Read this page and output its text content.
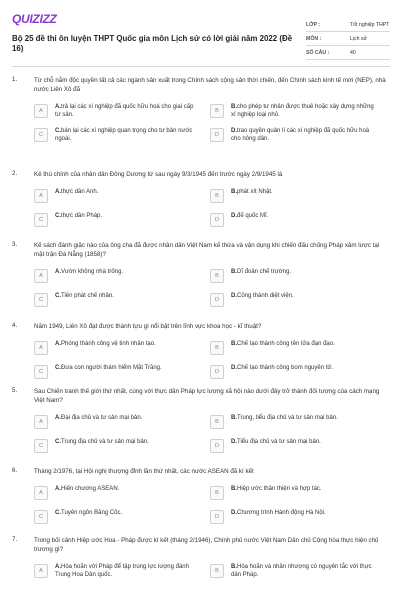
QUIZIZZ
Bộ 25 đề thi ôn luyện THPT Quốc gia môn Lịch sử có lời giải năm 2022 (Đề 16)
LỚP :	Tốt nghiệp THPT
MÔN :	Lịch sử
SỐ CÂU :	40
1.	Từ chỗ nắm độc quyền tất cả các ngành sản xuất trong Chính sách cộng sản thời chiến, đến Chính sách kinh tế mới (NEP), nhà nước Liên Xô đã
A
A.trả lại các xí nghiệp đã quốc hữu hoá cho giai cấp tư sản.
B
B.cho phép tư nhân được thuê hoặc xây dựng những xí nghiệp loại nhỏ.
C
C.bán lại các xí nghiệp quan trọng cho tư bản nước ngoài.
D
D.trao quyền quản lí các xí nghiệp đã quốc hữu hoá cho nông dân.
2.	Kẻ thù chính của nhân dân Đông Dương từ sau ngày 9/3/1945 đến trước ngày 2/9/1945 là
A
A.thực dân Anh.
B
B.phát xít Nhật.
C
C.thực dân Pháp.
D
D.đế quốc Mĩ.
3.	Kế sách đánh giặc nào của ông cha đã được nhân dân Việt Nam kế thừa và vận dụng khi chiến đấu chống Pháp xâm lược tại mặt trận Đà Nẵng (1858)?
A
A.Vườn không nhà trống.
B
B.Dĩ đoản chế trường.
C
C.Tiên phát chế nhân.
D
D.Công thành diệt viện.
4.	Năm 1949, Liên Xô đạt được thành tựu gì nổi bật trên lĩnh vực khoa học - kĩ thuật?
A
A.Phóng thành công vệ tinh nhân tạo.
B
B.Chế tạo thành công tên lửa đạn đạo.
C
C.Đưa con người thám hiểm Mặt Trăng.
D
D.Chế tạo thành công bom nguyên tử.
5.	Sau Chiến tranh thế giới thứ nhất, cùng với thực dân Pháp lực lượng xã hội nào dưới đây trở thành đối tượng của cách mạng Việt Nam?
A
A.Đại địa chủ và tư sản mại bản.
B
B.Trung, tiểu địa chủ và tư sản mại bản.
C
C.Trung địa chủ và tư sản mại bản.
D
D.Tiểu địa chủ và tư sản mại bản.
6.	Tháng 2/1976, tại Hội nghị thượng đỉnh lần thứ nhất, các nước ASEAN đã kí kết
A
A.Hiến chương ASEAN.
B
B.Hiệp ước thân thiện và hợp tác.
C
C.Tuyên ngôn Băng Cốc.
D
D.Chương trình Hành động Hà Nội.
7.	Trong bối cảnh Hiệp ước Hoa - Pháp được kí kết (tháng 2/1946), Chính phủ nước Việt Nam Dân chủ Cộng hòa thực hiện chủ trương gì?
A
A.Hòa hoãn với Pháp để tập trung lực lượng đánh Trung Hoa Dân quốc.
B
B.Hòa hoãn và nhân nhượng có nguyên tắc với thực dân Pháp.
